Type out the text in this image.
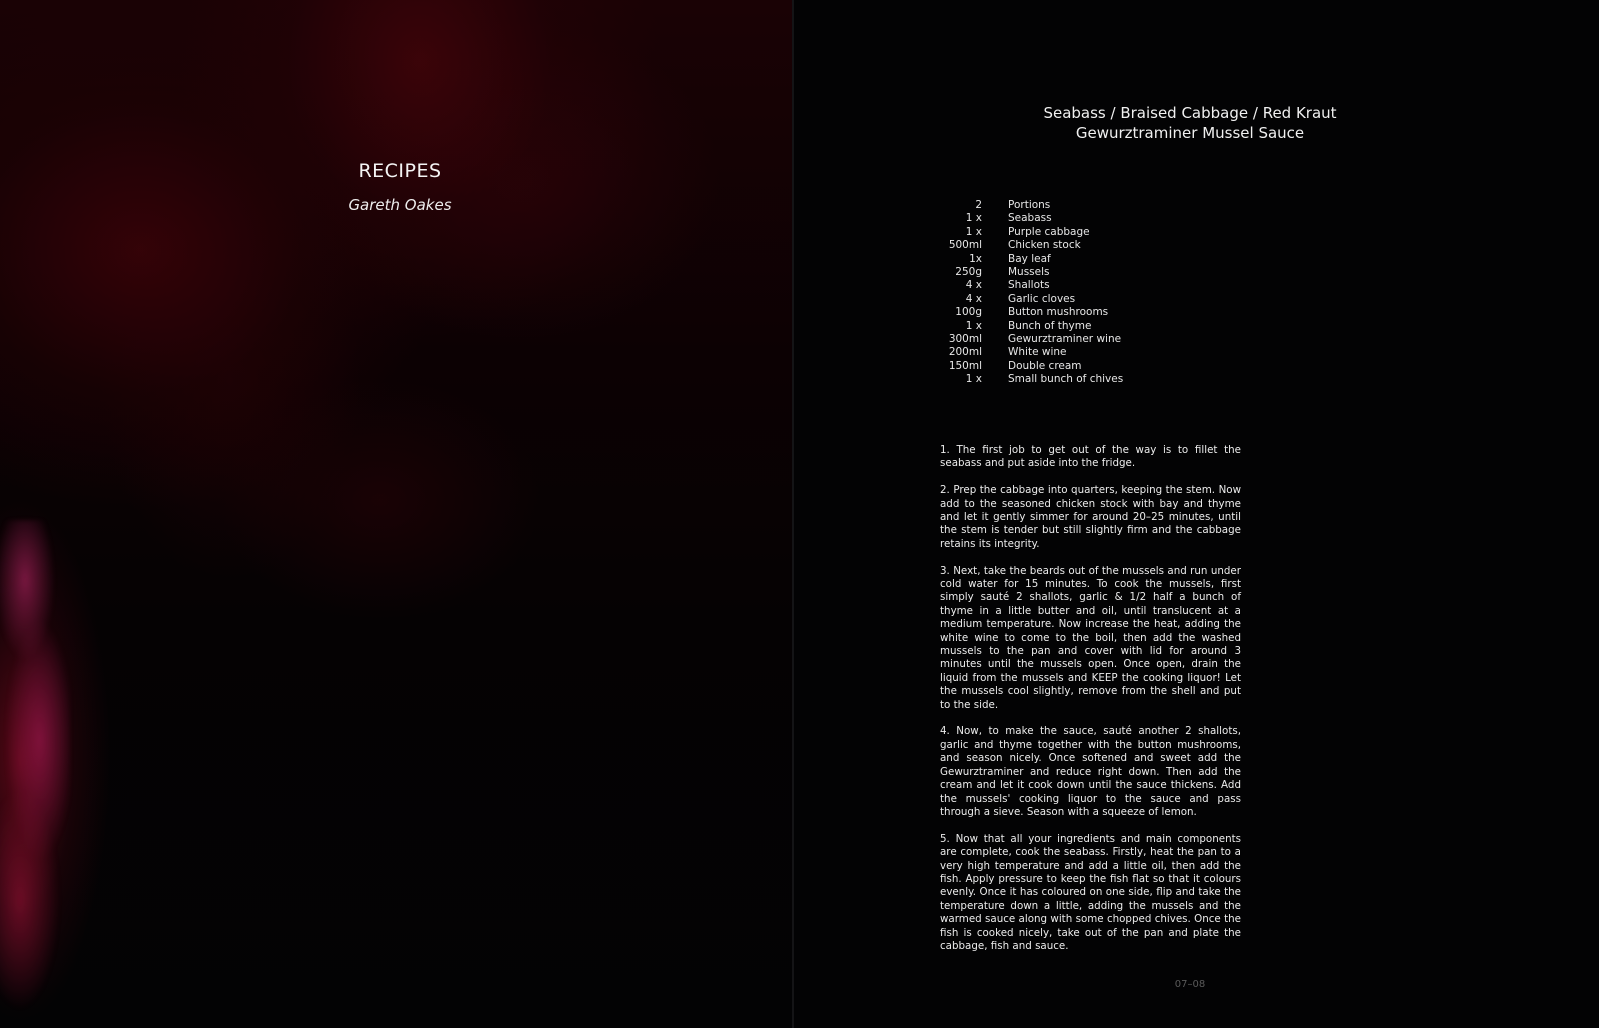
RECIPES
Gareth Oakes
Seabass / Braised Cabbage / Red Kraut
Gewurztraminer Mussel Sauce
2	Portions
1 x	Seabass
1 x	Purple cabbage
500ml	Chicken stock
1x	Bay leaf
250g	Mussels
4 x	Shallots
4 x	Garlic cloves
100g	Button mushrooms
1 x	Bunch of thyme
300ml	Gewurztraminer wine
200ml	White wine
150ml	Double cream
1 x	Small bunch of chives

1. The first job to get out of the way is to fillet the seabass and put aside into the fridge.

2. Prep the cabbage into quarters, keeping the stem. Now add to the seasoned chicken stock with bay and thyme and let it gently simmer for around 20–25 minutes, until the stem is tender but still slightly firm and the cabbage retains its integrity.

3. Next, take the beards out of the mussels and run under cold water for 15 minutes. To cook the mussels, first simply sauté 2 shallots, garlic & 1/2 half a bunch of thyme in a little butter and oil, until translucent at a medium temperature. Now increase the heat, adding the white wine to come to the boil, then add the washed mussels to the pan and cover with lid for around 3 minutes until the mussels open. Once open, drain the liquid from the mussels and KEEP the cooking liquor! Let the mussels cool slightly, remove from the shell and put to the side.

4. Now, to make the sauce, sauté another 2 shallots, garlic and thyme together with the button mushrooms, and season nicely. Once softened and sweet add the Gewurztraminer and reduce right down. Then add the cream and let it cook down until the sauce thickens. Add the mussels' cooking liquor to the sauce and pass through a sieve. Season with a squeeze of lemon.

5. Now that all your ingredients and main components are complete, cook the seabass. Firstly, heat the pan to a very high temperature and add a little oil, then add the fish. Apply pressure to keep the fish flat so that it colours evenly. Once it has coloured on one side, flip and take the temperature down a little, adding the mussels and the warmed sauce along with some chopped chives. Once the fish is cooked nicely, take out of the pan and plate the cabbage, fish and sauce.

07–08
